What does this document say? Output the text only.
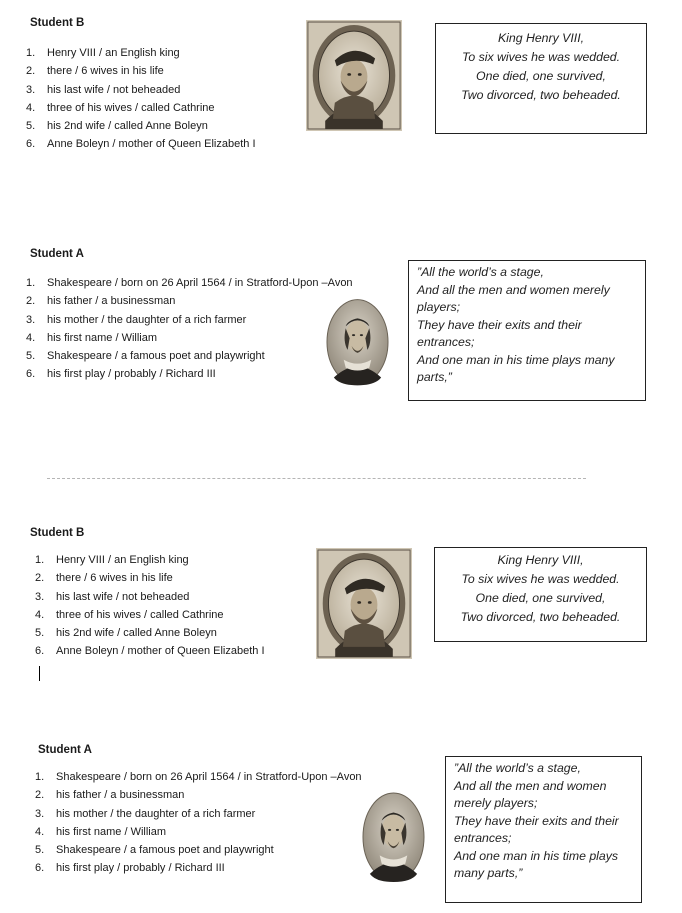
Student B
1. Henry VIII / an English king
2. there / 6 wives in his life
3. his last wife / not beheaded
4. three of his wives / called Cathrine
5. his 2nd wife / called Anne Boleyn
6. Anne Boleyn / mother of Queen Elizabeth I
King Henry VIII,
To six wives he was wedded.
One died, one survived,
Two divorced, two beheaded.
Student A
1. Shakespeare / born on 26 April 1564 / in Stratford-Upon –Avon
2. his father / a businessman
3. his mother / the daughter of a rich farmer
4. his first name / William
5. Shakespeare / a famous poet and playwright
6. his first play / probably / Richard III
”All the world’s a stage,
And all the men and women merely
players;
They have their exits and their
entrances;
And one man in his time plays many
parts,”
Student B
1. Henry VIII / an English king
2. there / 6 wives in his life
3. his last wife / not beheaded
4. three of his wives / called Cathrine
5. his 2nd wife / called Anne Boleyn
6. Anne Boleyn / mother of Queen Elizabeth I
King Henry VIII,
To six wives he was wedded.
One died, one survived,
Two divorced, two beheaded.
Student A
1. Shakespeare / born on 26 April 1564 / in Stratford-Upon –Avon
2. his father / a businessman
3. his mother / the daughter of a rich farmer
4. his first name / William
5. Shakespeare / a famous poet and playwright
6. his first play / probably / Richard III
”All the world’s a stage,
And all the men and women
merely players;
They have their exits and their
entrances;
And one man in his time plays
many parts,”
